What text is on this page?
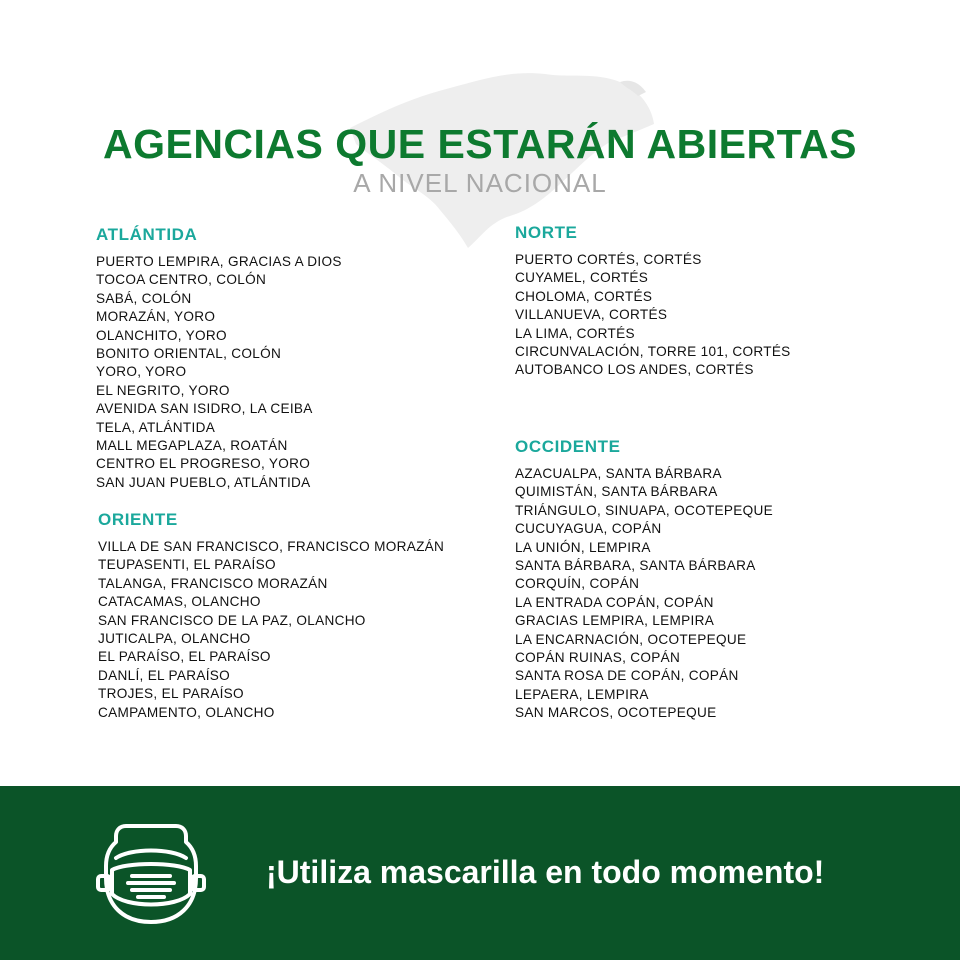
AGENCIAS QUE ESTARÁN ABIERTAS
A NIVEL NACIONAL
ATLÁNTIDA
PUERTO LEMPIRA, GRACIAS A DIOS
TOCOA CENTRO, COLÓN
SABÁ, COLÓN
MORAZÁN, YORO
OLANCHITO, YORO
BONITO ORIENTAL, COLÓN
YORO, YORO
EL NEGRITO, YORO
AVENIDA SAN ISIDRO, LA CEIBA
TELA, ATLÁNTIDA
MALL MEGAPLAZA, ROATÁN
CENTRO EL PROGRESO, YORO
SAN JUAN PUEBLO, ATLÁNTIDA
ORIENTE
VILLA DE SAN FRANCISCO, FRANCISCO MORAZÁN
TEUPASENTI, EL PARAÍSO
TALANGA, FRANCISCO MORAZÁN
CATACAMAS, OLANCHO
SAN FRANCISCO DE LA PAZ, OLANCHO
JUTICALPA, OLANCHO
EL PARAÍSO, EL PARAÍSO
DANLÍ, EL PARAÍSO
TROJES, EL PARAÍSO
CAMPAMENTO, OLANCHO
NORTE
PUERTO CORTÉS, CORTÉS
CUYAMEL, CORTÉS
CHOLOMA, CORTÉS
VILLANUEVA, CORTÉS
LA LIMA, CORTÉS
CIRCUNVALACIÓN, TORRE 101, CORTÉS
AUTOBANCO LOS ANDES, CORTÉS
OCCIDENTE
AZACUALPA, SANTA BÁRBARA
QUIMISTÁN, SANTA BÁRBARA
TRIÁNGULO, SINUAPA, OCOTEPEQUE
CUCUYAGUA, COPÁN
LA UNIÓN, LEMPIRA
SANTA BÁRBARA, SANTA BÁRBARA
CORQUÍN, COPÁN
LA ENTRADA COPÁN, COPÁN
GRACIAS LEMPIRA, LEMPIRA
LA ENCARNACIÓN, OCOTEPEQUE
COPÁN RUINAS, COPÁN
SANTA ROSA DE COPÁN, COPÁN
LEPAERA, LEMPIRA
SAN MARCOS, OCOTEPEQUE
¡Utiliza mascarilla en todo momento!
